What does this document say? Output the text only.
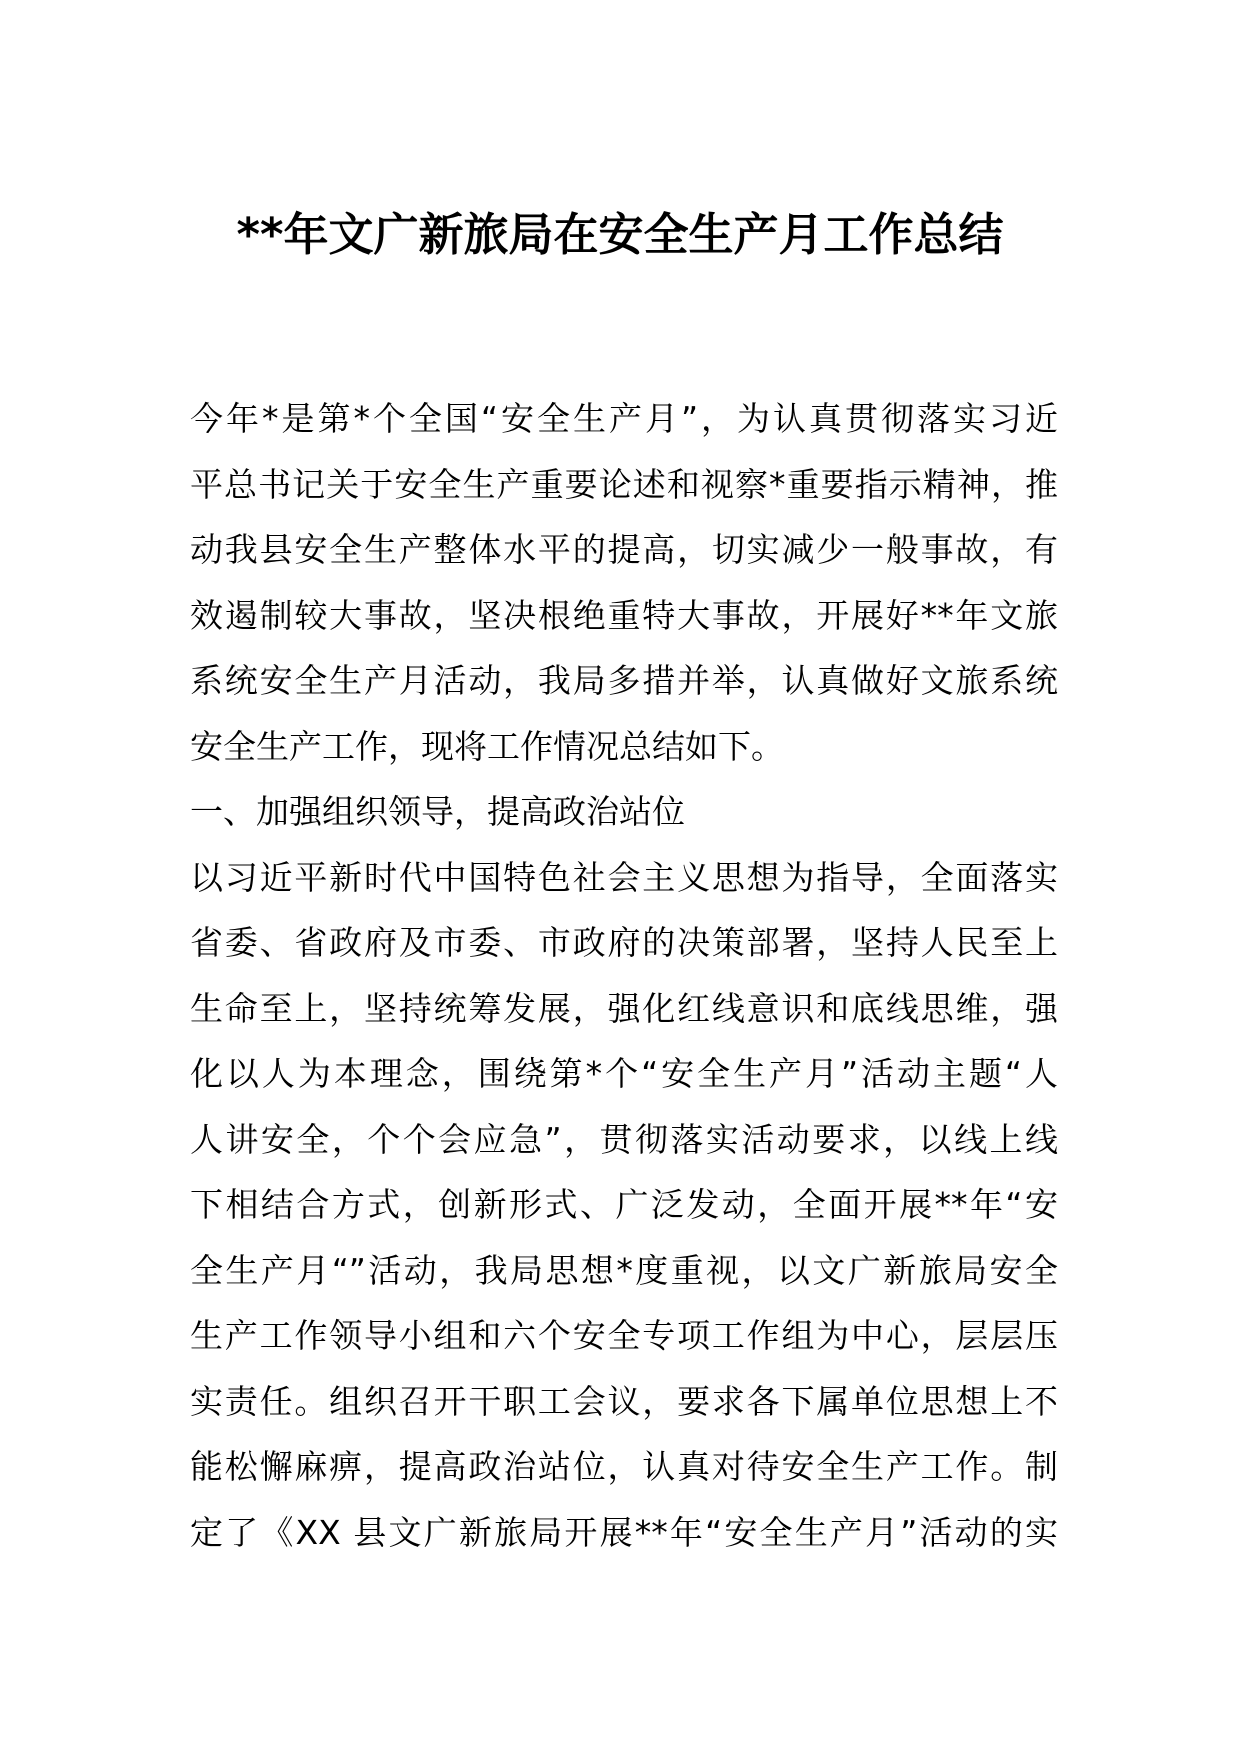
**年文广新旅局在安全生产月工作总结
今年*是第*个全国“安全生产月”，为认真贯彻落实习近
平总书记关于安全生产重要论述和视察*重要指示精神，推
动我县安全生产整体水平的提高，切实减少一般事故，有
效遏制较大事故，坚决根绝重特大事故，开展好**年文旅
系统安全生产月活动，我局多措并举，认真做好文旅系统
安全生产工作，现将工作情况总结如下。
一、加强组织领导，提高政治站位
以习近平新时代中国特色社会主义思想为指导，全面落实
省委、省政府及市委、市政府的决策部署，坚持人民至上
生命至上，坚持统筹发展，强化红线意识和底线思维，强
化以人为本理念，围绕第*个“安全生产月”活动主题“人
人讲安全，个个会应急”，贯彻落实活动要求，以线上线
下相结合方式，创新形式、广泛发动，全面开展**年“安
全生产月“”活动，我局思想*度重视，以文广新旅局安全
生产工作领导小组和六个安全专项工作组为中心，层层压
实责任。组织召开干职工会议，要求各下属单位思想上不
能松懈麻痹，提高政治站位，认真对待安全生产工作。制
定了《XX 县文广新旅局开展**年“安全生产月”活动的实
